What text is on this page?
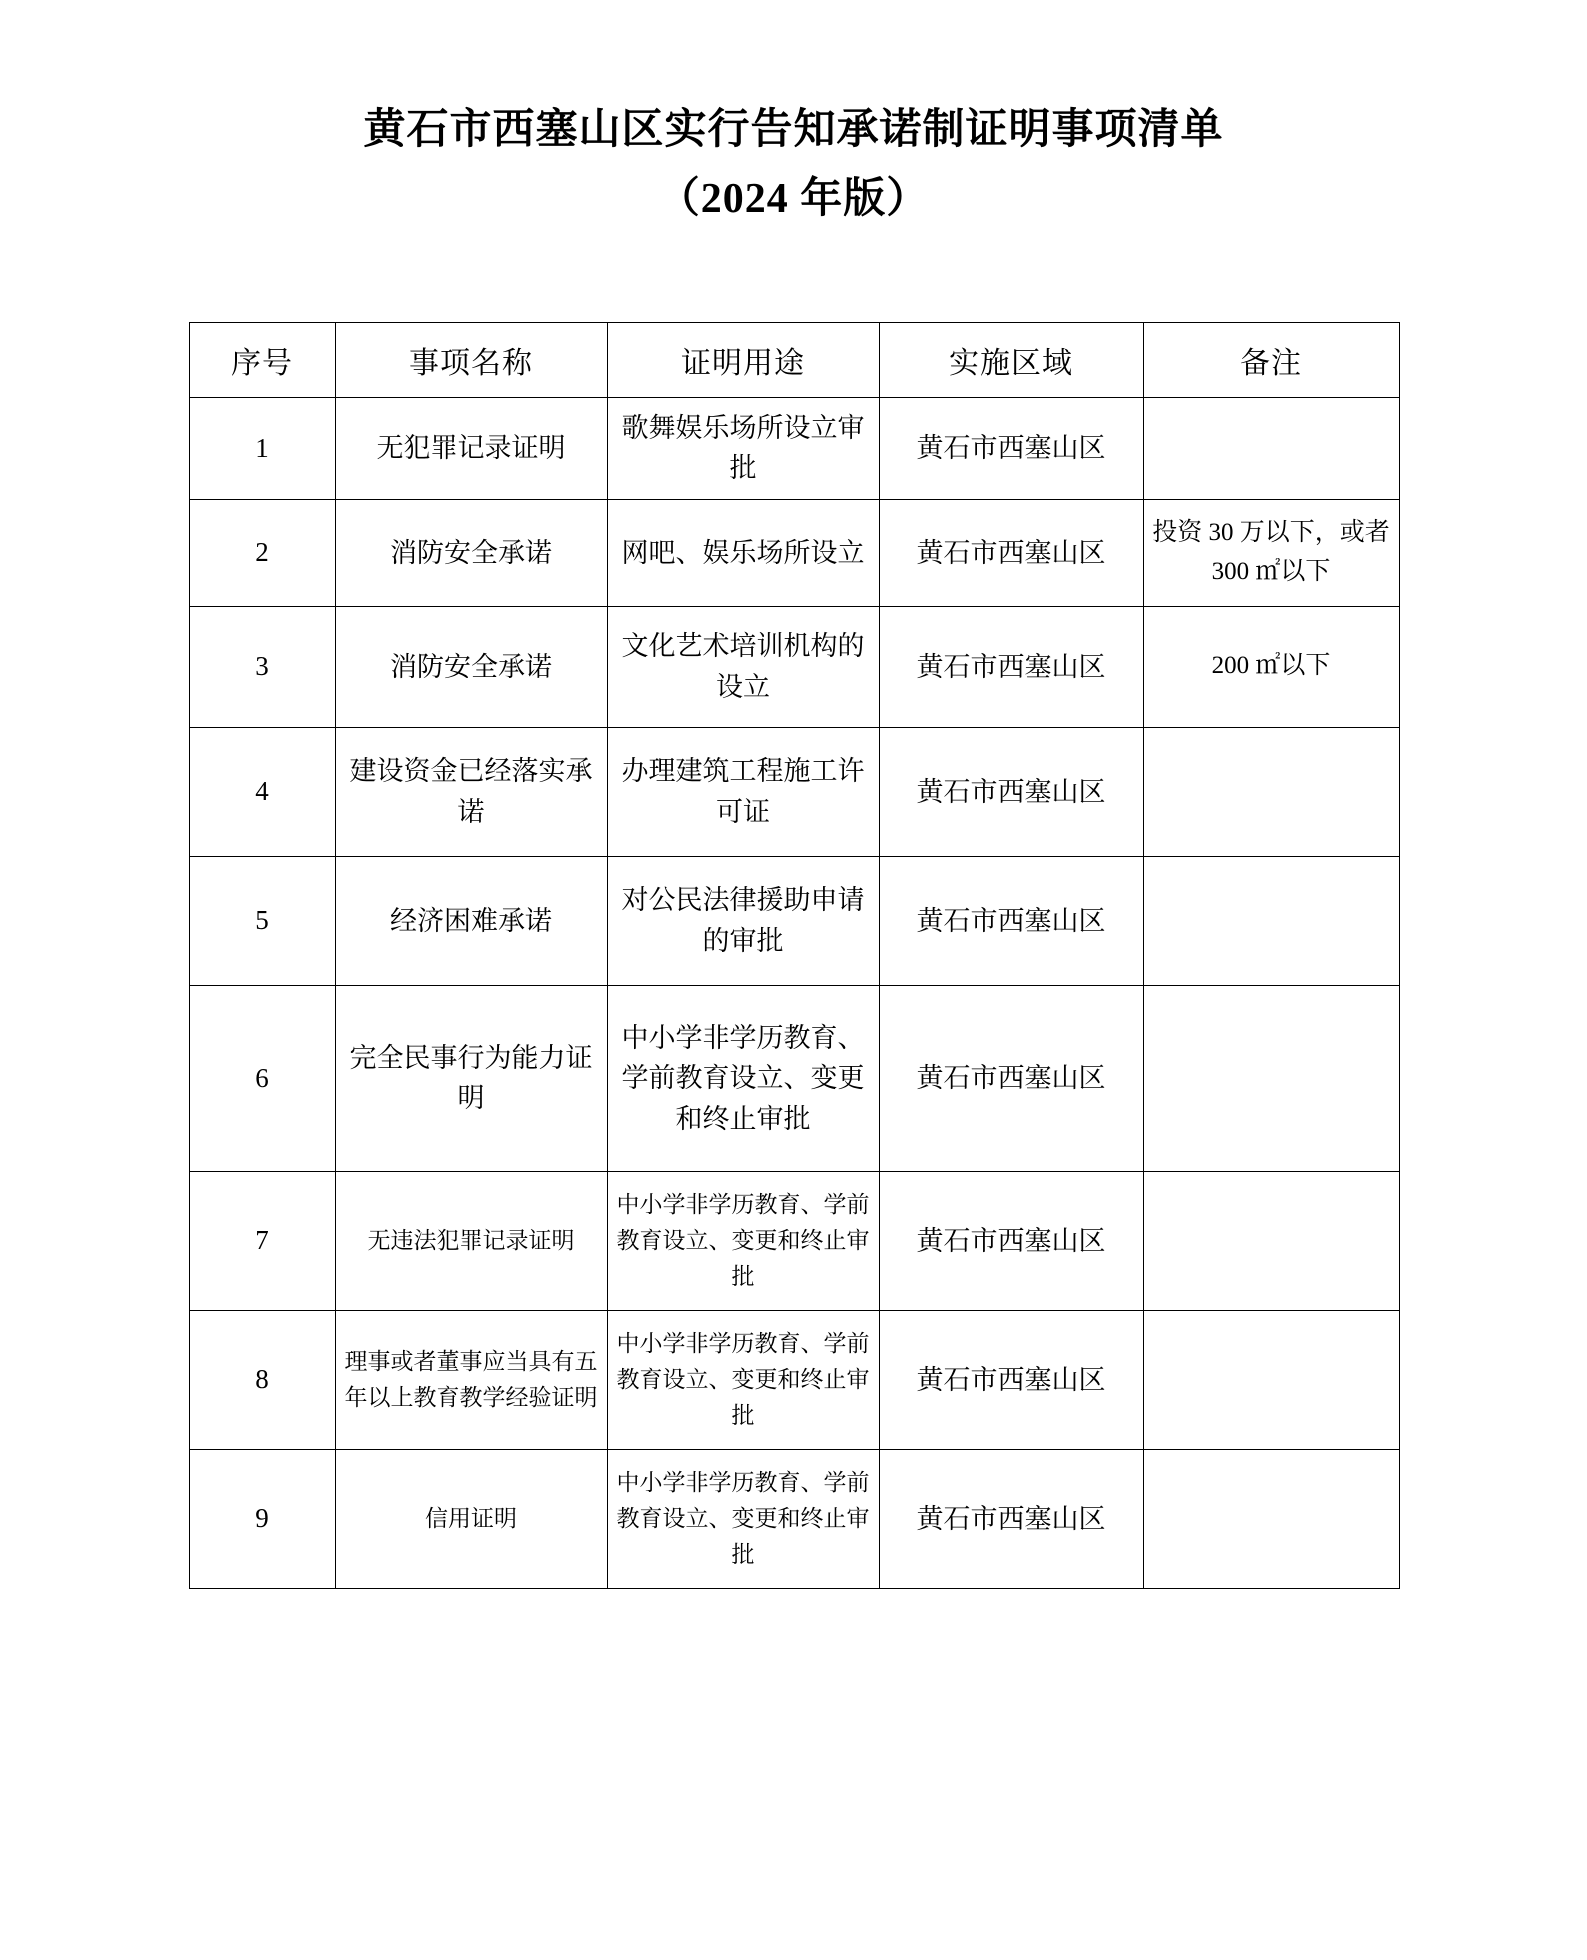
黄石市西塞山区实行告知承诺制证明事项清单
（2024 年版）
序号	事项名称	证明用途	实施区域	备注
1	无犯罪记录证明	歌舞娱乐场所设立审批	黄石市西塞山区	
2	消防安全承诺	网吧、娱乐场所设立	黄石市西塞山区	投资 30 万以下，或者 300 ㎡以下
3	消防安全承诺	文化艺术培训机构的设立	黄石市西塞山区	200 ㎡以下
4	建设资金已经落实承诺	办理建筑工程施工许可证	黄石市西塞山区	
5	经济困难承诺	对公民法律援助申请的审批	黄石市西塞山区	
6	完全民事行为能力证明	中小学非学历教育、学前教育设立、变更和终止审批	黄石市西塞山区	
7	无违法犯罪记录证明	中小学非学历教育、学前教育设立、变更和终止审批	黄石市西塞山区	
8	理事或者董事应当具有五年以上教育教学经验证明	中小学非学历教育、学前教育设立、变更和终止审批	黄石市西塞山区	
9	信用证明	中小学非学历教育、学前教育设立、变更和终止审批	黄石市西塞山区	
